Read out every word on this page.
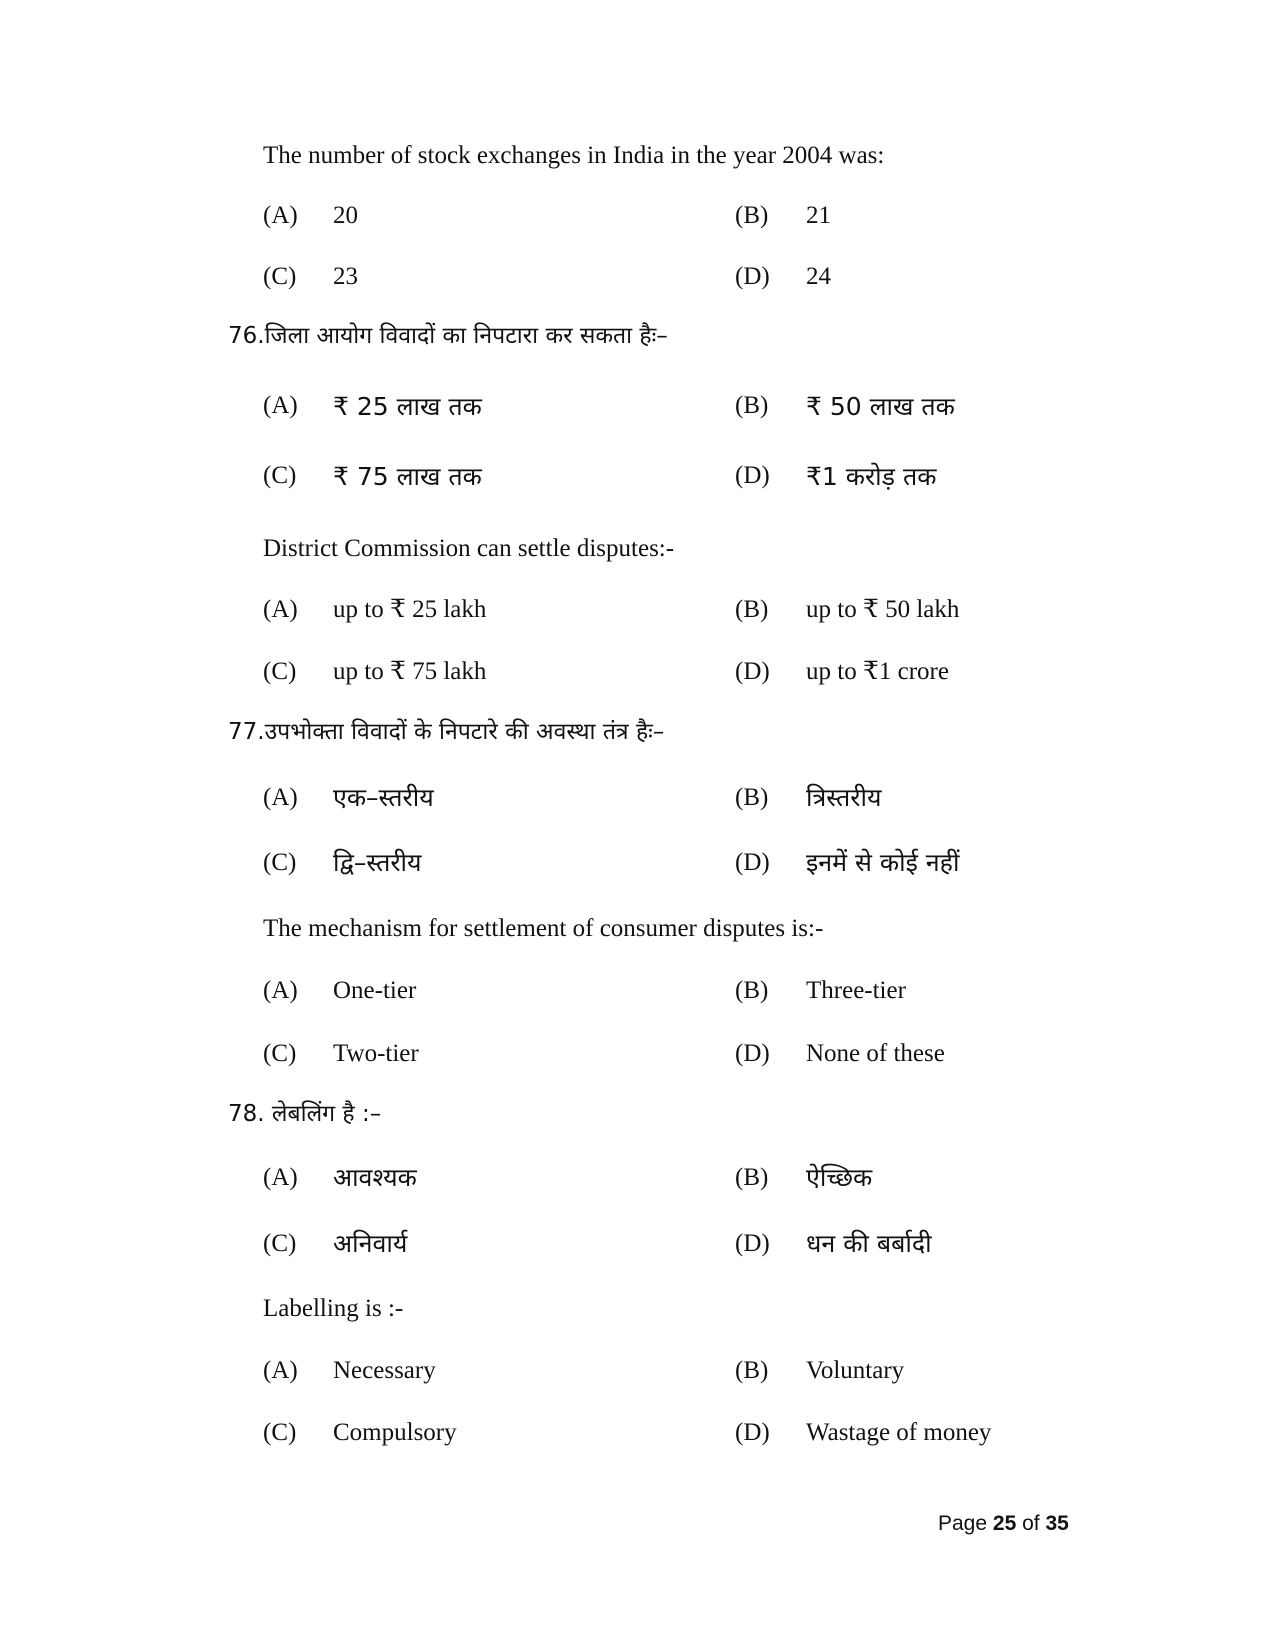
The number of stock exchanges in India in the year 2004 was:
(A) 20	(B) 21
(C) 23	(D) 24
76.जिला आयोग विवादों का निपटारा कर सकता हैः–
(A) ₹ 25 लाख तक	(B) ₹ 50 लाख तक
(C) ₹ 75 लाख तक	(D) ₹1 करोड़ तक
District Commission can settle disputes:-
(A) up to ₹ 25 lakh	(B) up to ₹ 50 lakh
(C) up to ₹ 75 lakh	(D) up to ₹1 crore
77.उपभोक्ता विवादों के निपटारे की अवस्था तंत्र हैः–
(A) एक–स्तरीय	(B) त्रिस्तरीय
(C) द्वि–स्तरीय	(D) इनमें से कोई नहीं
The mechanism for settlement of consumer disputes is:-
(A) One-tier	(B) Three-tier
(C) Two-tier	(D) None of these
78. लेबलिंग है :–
(A) आवश्यक	(B) ऐच्छिक
(C) अनिवार्य	(D) धन की बर्बादी
Labelling is :-
(A) Necessary	(B) Voluntary
(C) Compulsory	(D) Wastage of money
Page 25 of 35
